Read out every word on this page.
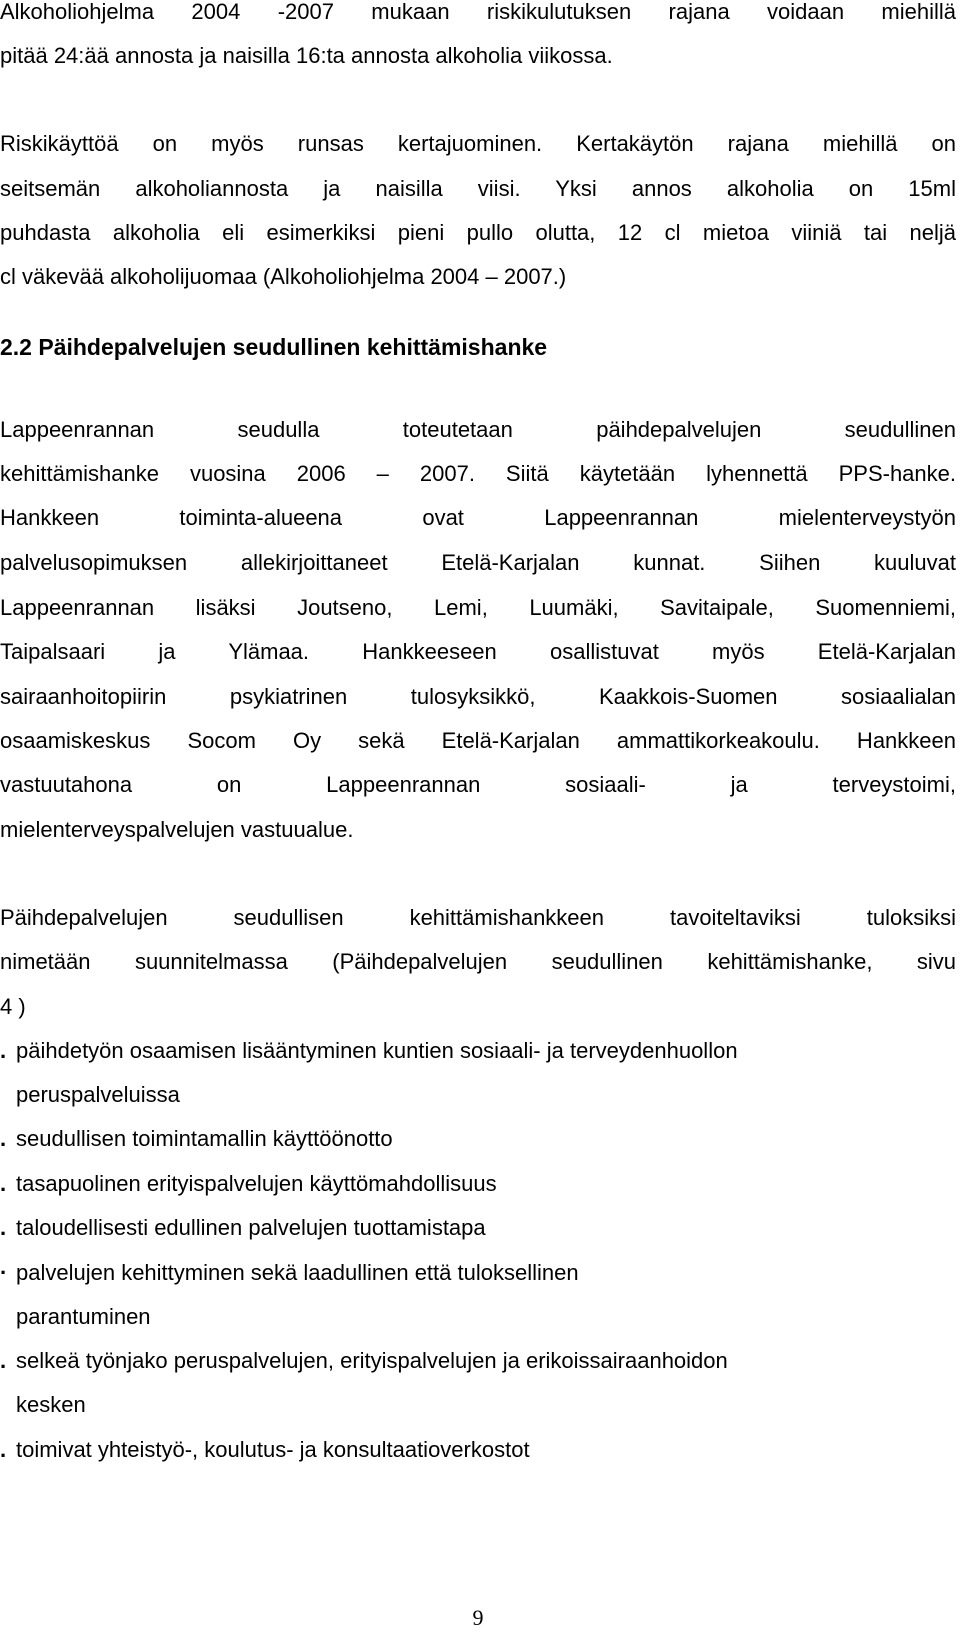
Alkoholiohjelma 2004 -2007 mukaan riskikulutuksen rajana voidaan miehillä
pitää 24:ää annosta ja naisilla 16:ta annosta alkoholia viikossa.
Riskikäyttöä on myös runsas kertajuominen. Kertakäytön rajana miehillä on
seitsemän alkoholiannosta ja naisilla viisi. Yksi annos alkoholia on 15ml
puhdasta alkoholia eli esimerkiksi pieni pullo olutta, 12 cl mietoa viiniä tai neljä
cl väkevää alkoholijuomaa (Alkoholiohjelma 2004 – 2007.)
2.2 Päihdepalvelujen seudullinen kehittämishanke
Lappeenrannan seudulla toteutetaan päihdepalvelujen seudullinen
kehittämishanke vuosina 2006 – 2007. Siitä käytetään lyhennettä PPS-hanke.
Hankkeen toiminta-alueena ovat Lappeenrannan mielenterveystyön
palvelusopimuksen allekirjoittaneet Etelä-Karjalan kunnat. Siihen kuuluvat
Lappeenrannan lisäksi Joutseno, Lemi, Luumäki, Savitaipale, Suomenniemi,
Taipalsaari ja Ylämaa. Hankkeeseen osallistuvat myös Etelä-Karjalan
sairaanhoitopiirin psykiatrinen tulosyksikkö, Kaakkois-Suomen sosiaalialan
osaamiskeskus Socom Oy sekä Etelä-Karjalan ammattikorkeakoulu. Hankkeen
vastuutahona on Lappeenrannan sosiaali- ja terveystoimi,
mielenterveyspalvelujen vastuualue.
Päihdepalvelujen seudullisen kehittämishankkeen tavoiteltaviksi tuloksiksi
nimetään suunnitelmassa (Päihdepalvelujen seudullinen kehittämishanke, sivu
4 )
. päihdetyön osaamisen lisääntyminen kuntien sosiaali- ja terveydenhuollon
peruspalveluissa
. seudullisen toimintamallin käyttöönotto
. tasapuolinen erityispalvelujen käyttömahdollisuus
. taloudellisesti edullinen palvelujen tuottamistapa
· palvelujen kehittyminen sekä laadullinen että tuloksellinen
parantuminen
. selkeä työnjako peruspalvelujen, erityispalvelujen ja erikoissairaanhoidon
kesken
. toimivat yhteistyö-, koulutus- ja konsultaatioverkostot
9
